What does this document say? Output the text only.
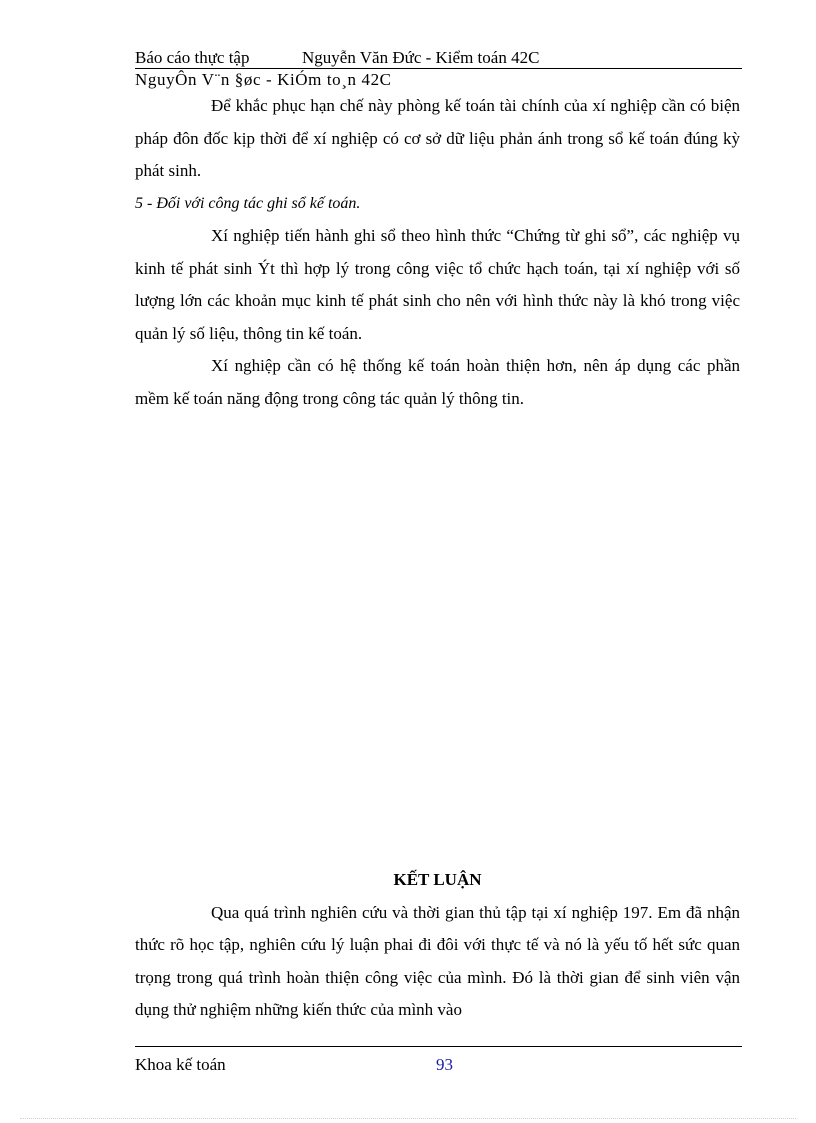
Báo cáo thực tập	Nguyễn Văn Đức - Kiểm toán 42C
NguyÔn V¨n §øc - KiÓm to¸n 42C

Để khắc phục hạn chế này phòng kế toán tài chính của xí nghiệp cần có biện pháp đôn đốc kịp thời để xí nghiệp có cơ sở dữ liệu phản ánh trong sổ kế toán đúng kỳ phát sinh.

5 - Đối với công tác ghi sổ kế toán.

Xí nghiệp tiến hành ghi sổ theo hình thức “Chứng từ ghi sổ”, các nghiệp vụ kinh tế phát sinh Ýt thì hợp lý trong công việc tổ chức hạch toán, tại xí nghiệp với số lượng lớn các khoản mục kinh tế phát sinh cho nên với hình thức này là khó trong việc quản lý số liệu, thông tin kế toán.

Xí nghiệp cần có hệ thống kế toán hoàn thiện hơn, nên áp dụng các phần mềm kế toán năng động trong công tác quản lý thông tin.

KẾT LUẬN

Qua quá trình nghiên cứu và thời gian thủ tập tại xí nghiệp 197. Em đã nhận thức rõ học tập, nghiên cứu lý luận phai đi đôi với thực tế và nó là yếu tố hết sức quan trọng trong quá trình hoàn thiện công việc của mình. Đó là thời gian để sinh viên vận dụng thử nghiệm những kiến thức của mình vào

Khoa kế toán	93
